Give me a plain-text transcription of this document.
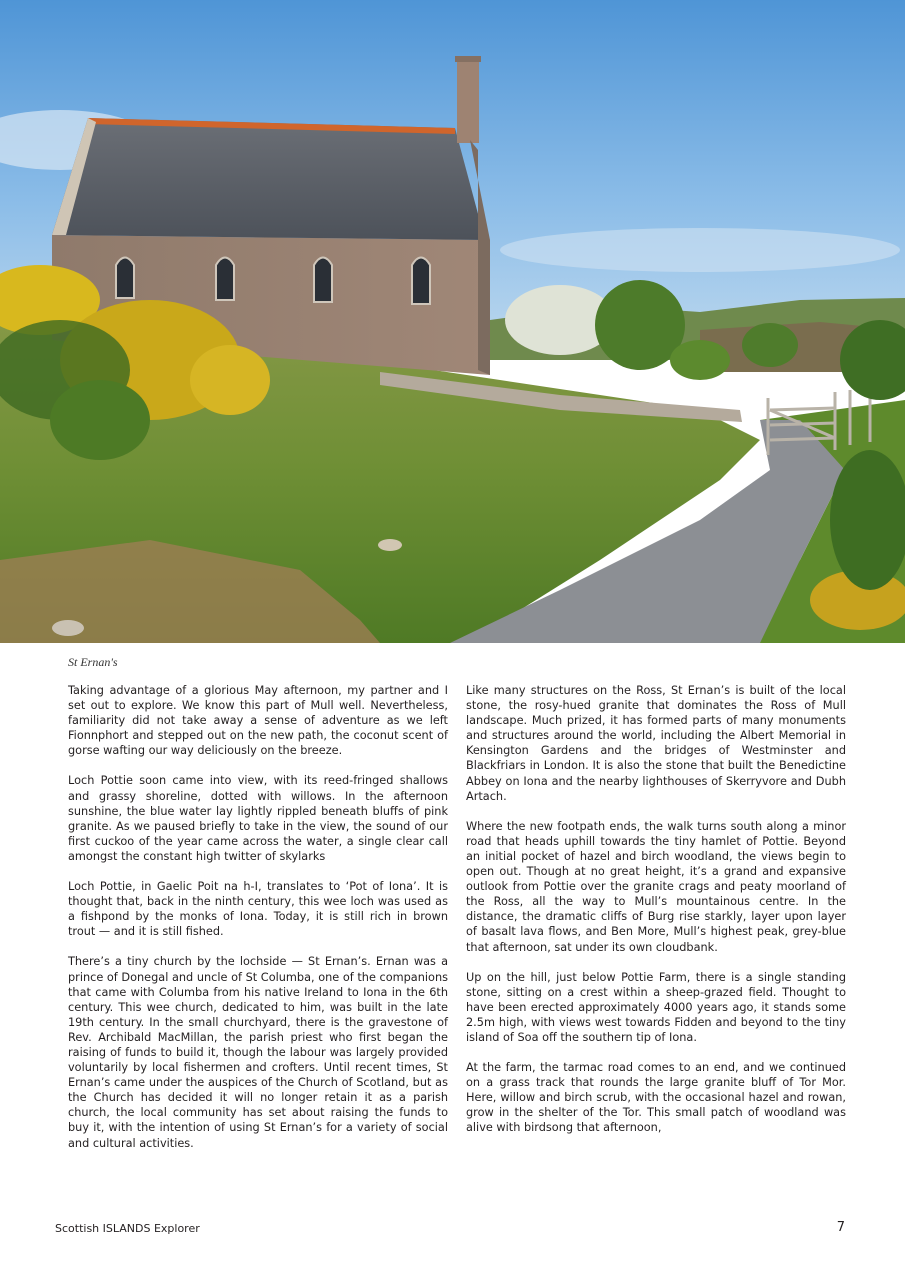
St Ernan's

Taking advantage of a glorious May afternoon, my partner and I set out to explore. We know this part of Mull well. Nevertheless, familiarity did not take away a sense of adventure as we left Fionnphort and stepped out on the new path, the coconut scent of gorse wafting our way deliciously on the breeze.

Loch Pottie soon came into view, with its reed-fringed shallows and grassy shoreline, dotted with willows. In the afternoon sunshine, the blue water lay lightly rippled beneath bluffs of pink granite. As we paused briefly to take in the view, the sound of our first cuckoo of the year came across the water, a single clear call amongst the constant high twitter of skylarks

Loch Pottie, in Gaelic Poit na h-I, translates to ‘Pot of Iona’. It is thought that, back in the ninth century, this wee loch was used as a fishpond by the monks of Iona. Today, it is still rich in brown trout — and it is still fished.

There’s a tiny church by the lochside — St Ernan’s. Ernan was a prince of Donegal and uncle of St Columba, one of the companions that came with Columba from his native Ireland to Iona in the 6th century. This wee church, dedicated to him, was built in the late 19th century. In the small churchyard, there is the gravestone of Rev. Archibald MacMillan, the parish priest who first began the raising of funds to build it, though the labour was largely provided voluntarily by local fishermen and crofters. Until recent times, St Ernan’s came under the auspices of the Church of Scotland, but as the Church has decided it will no longer retain it as a parish church, the local community has set about raising the funds to buy it, with the intention of using St Ernan’s for a variety of social and cultural activities.

Like many structures on the Ross, St Ernan’s is built of the local stone, the rosy-hued granite that dominates the Ross of Mull landscape. Much prized, it has formed parts of many monuments and structures around the world, including the Albert Memorial in Kensington Gardens and the bridges of Westminster and Blackfriars in London. It is also the stone that built the Benedictine Abbey on Iona and the nearby lighthouses of Skerryvore and Dubh Artach.

Where the new footpath ends, the walk turns south along a minor road that heads uphill towards the tiny hamlet of Pottie. Beyond an initial pocket of hazel and birch woodland, the views begin to open out. Though at no great height, it’s a grand and expansive outlook from Pottie over the granite crags and peaty moorland of the Ross, all the way to Mull’s mountainous centre. In the distance, the dramatic cliffs of Burg rise starkly, layer upon layer of basalt lava flows, and Ben More, Mull’s highest peak, grey-blue that afternoon, sat under its own cloudbank.

Up on the hill, just below Pottie Farm, there is a single standing stone, sitting on a crest within a sheep-grazed field. Thought to have been erected approximately 4000 years ago, it stands some 2.5m high, with views west towards Fidden and beyond to the tiny island of Soa off the southern tip of Iona.

At the farm, the tarmac road comes to an end, and we continued on a grass track that rounds the large granite bluff of Tor Mor. Here, willow and birch scrub, with the occasional hazel and rowan, grow in the shelter of the Tor. This small patch of woodland was alive with birdsong that afternoon,

Scottish ISLANDS Explorer	7
